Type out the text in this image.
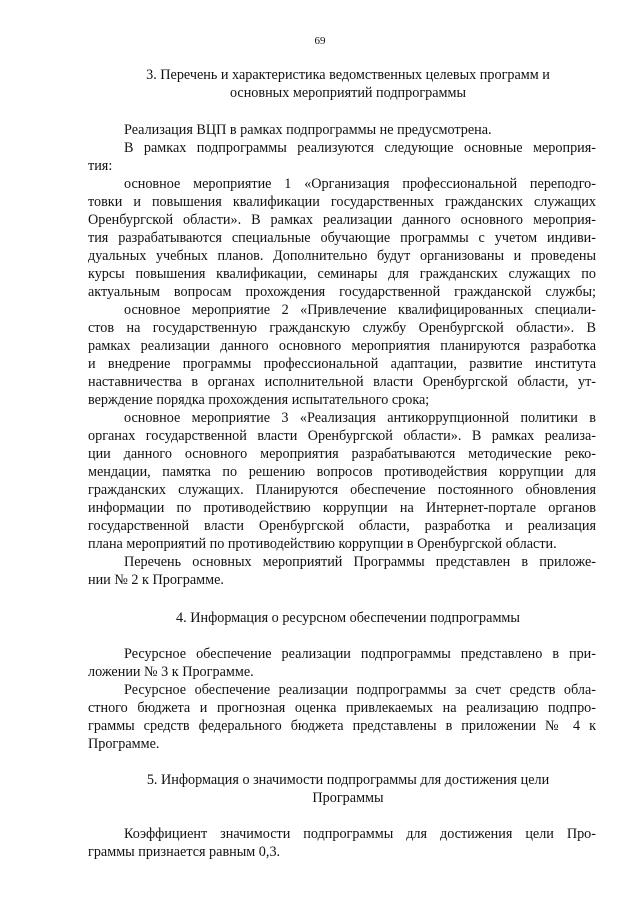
69
3. Перечень и характеристика ведомственных целевых программ и
основных мероприятий подпрограммы
Реализация ВЦП в рамках подпрограммы не предусмотрена.
В рамках подпрограммы реализуются следующие основные мероприя-
тия:
основное мероприятие 1 «Организация профессиональной переподго-
товки и повышения квалификации государственных гражданских служащих
Оренбургской области». В рамках реализации данного основного мероприя-
тия разрабатываются специальные обучающие программы с учетом индиви-
дуальных учебных планов. Дополнительно будут организованы и проведены
курсы повышения квалификации, семинары для гражданских служащих по
актуальным вопросам прохождения государственной гражданской службы;
основное мероприятие 2 «Привлечение квалифицированных специали-
стов на государственную гражданскую службу Оренбургской области». В
рамках реализации данного основного мероприятия планируются разработка
и внедрение программы профессиональной адаптации, развитие института
наставничества в органах исполнительной власти Оренбургской области, ут-
верждение порядка прохождения испытательного срока;
основное мероприятие 3 «Реализация антикоррупционной политики в
органах государственной власти Оренбургской области». В рамках реализа-
ции данного основного мероприятия разрабатываются методические реко-
мендации, памятка по решению вопросов противодействия коррупции для
гражданских служащих. Планируются обеспечение постоянного обновления
информации по противодействию коррупции на Интернет-портале органов
государственной власти Оренбургской области, разработка и реализация
плана мероприятий по противодействию коррупции в Оренбургской области.
Перечень основных мероприятий Программы представлен в приложе-
нии № 2 к Программе.
4. Информация о ресурсном обеспечении подпрограммы
Ресурсное обеспечение реализации подпрограммы представлено в при-
ложении № 3 к Программе.
Ресурсное обеспечение реализации подпрограммы за счет средств обла-
стного бюджета и прогнозная оценка привлекаемых на реализацию подпро-
граммы средств федерального бюджета представлены в приложении № 4 к
Программе.
5. Информация о значимости подпрограммы для достижения цели
Программы
Коэффициент значимости подпрограммы для достижения цели Про-
граммы признается равным 0,3.
